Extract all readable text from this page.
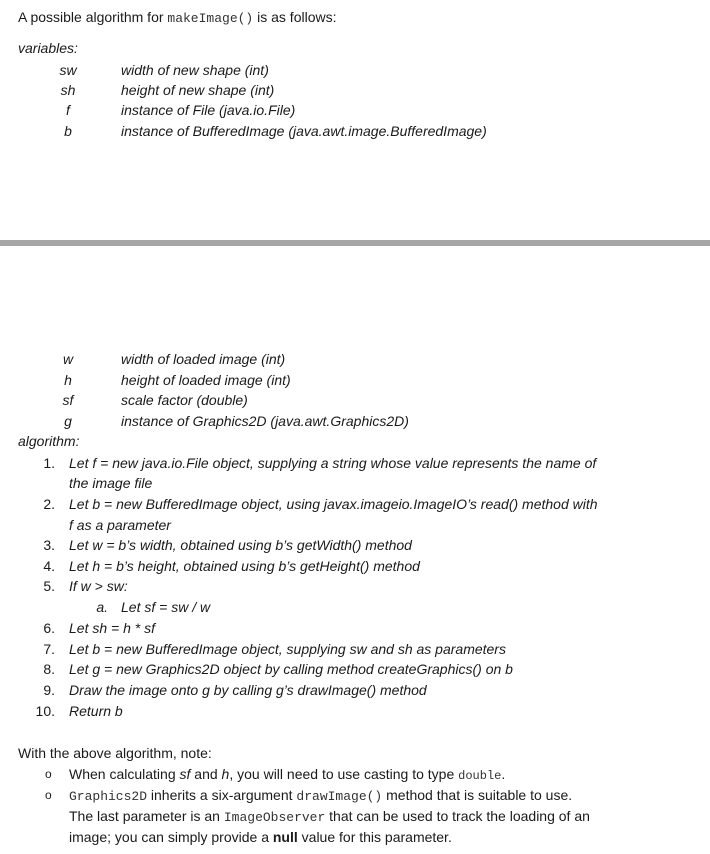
A possible algorithm for makeImage() is as follows:
variables:
sw	width of new shape (int)
sh	height of new shape (int)
f	instance of File (java.io.File)
b	instance of BufferedImage (java.awt.image.BufferedImage)
w	width of loaded image (int)
h	height of loaded image (int)
sf	scale factor (double)
g	instance of Graphics2D (java.awt.Graphics2D)
algorithm:
1. Let f = new java.io.File object, supplying a string whose value represents the name of
the image file
2. Let b = new BufferedImage object, using javax.imageio.ImageIO’s read() method with
f as a parameter
3. Let w = b’s width, obtained using b’s getWidth() method
4. Let h = b’s height, obtained using b’s getHeight() method
5. If w > sw:
a. Let sf = sw / w
6. Let sh = h * sf
7. Let b = new BufferedImage object, supplying sw and sh as parameters
8. Let g = new Graphics2D object by calling method createGraphics() on b
9. Draw the image onto g by calling g’s drawImage() method
10. Return b
With the above algorithm, note:
o When calculating sf and h, you will need to use casting to type double.
o Graphics2D inherits a six-argument drawImage() method that is suitable to use.
The last parameter is an ImageObserver that can be used to track the loading of an
image; you can simply provide a null value for this parameter.
